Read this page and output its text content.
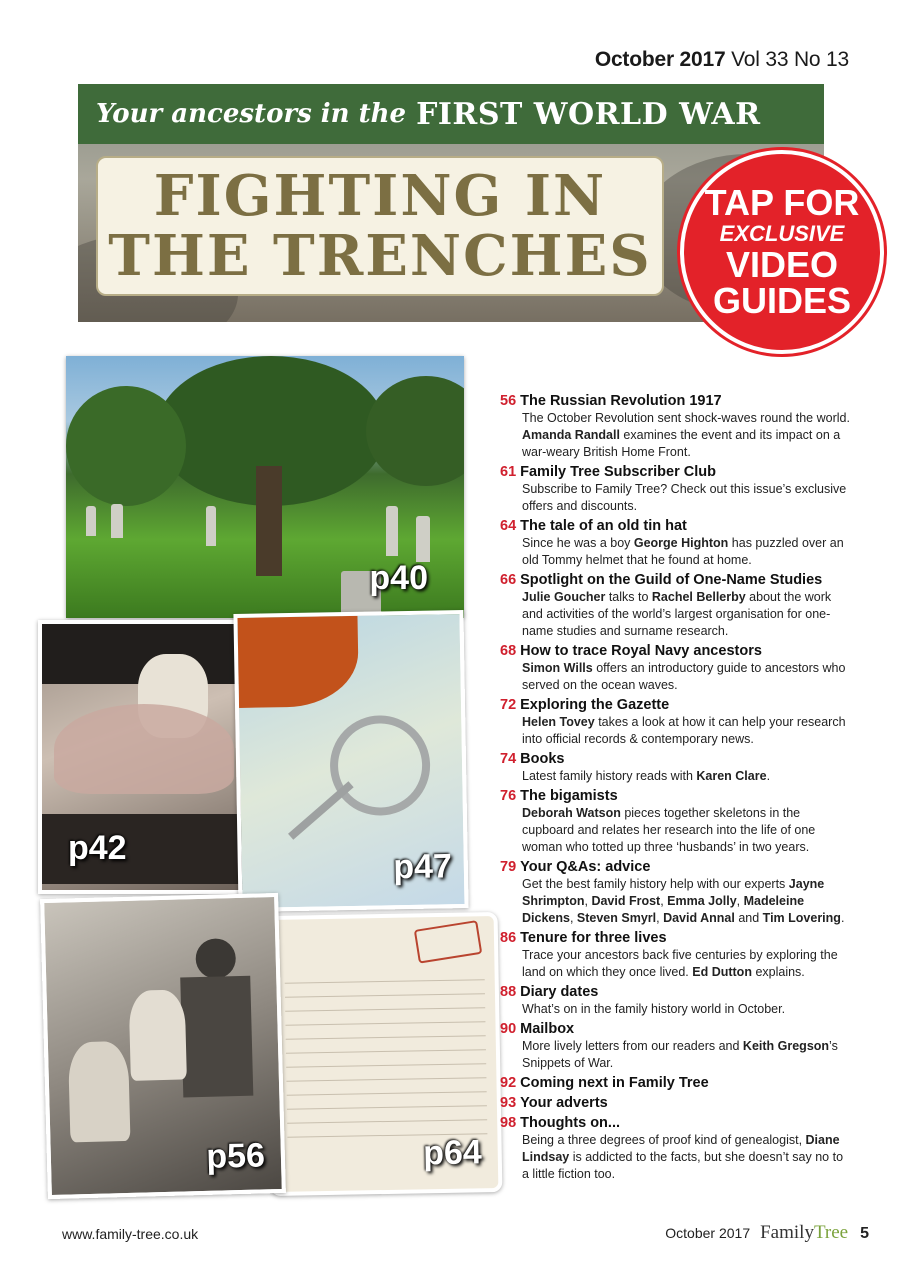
October 2017 Vol 33 No 13
Your ancestors in the FIRST WORLD WAR
FIGHTING IN
THE TRENCHES
TAP FOR
EXCLUSIVE
VIDEO
GUIDES
p40
p42	p47
p64
p56
56 The Russian Revolution 1917
The October Revolution sent shock-waves round the world. Amanda Randall examines the event and its impact on a war-weary British Home Front.
61 Family Tree Subscriber Club
Subscribe to Family Tree? Check out this issue’s exclusive offers and discounts.
64 The tale of an old tin hat
Since he was a boy George Highton has puzzled over an old Tommy helmet that he found at home.
66 Spotlight on the Guild of One-Name Studies
Julie Goucher talks to Rachel Bellerby about the work and activities of the world’s largest organisation for one-name studies and surname research.
68 How to trace Royal Navy ancestors
Simon Wills offers an introductory guide to ancestors who served on the ocean waves.
72 Exploring the Gazette
Helen Tovey takes a look at how it can help your research into official records & contemporary news.
74 Books
Latest family history reads with Karen Clare.
76 The bigamists
Deborah Watson pieces together skeletons in the cupboard and relates her research into the life of one woman who totted up three ‘husbands’ in two years.
79 Your Q&As: advice
Get the best family history help with our experts Jayne Shrimpton, David Frost, Emma Jolly, Madeleine Dickens, Steven Smyrl, David Annal and Tim Lovering.
86 Tenure for three lives
Trace your ancestors back five centuries by exploring the land on which they once lived. Ed Dutton explains.
88 Diary dates
What’s on in the family history world in October.
90 Mailbox
More lively letters from our readers and Keith Gregson’s Snippets of War.
92 Coming next in Family Tree
93 Your adverts
98 Thoughts on...
Being a three degrees of proof kind of genealogist, Diane Lindsay is addicted to the facts, but she doesn’t say no to a little fiction too.
www.family-tree.co.uk	October 2017 FamilyTree 5
